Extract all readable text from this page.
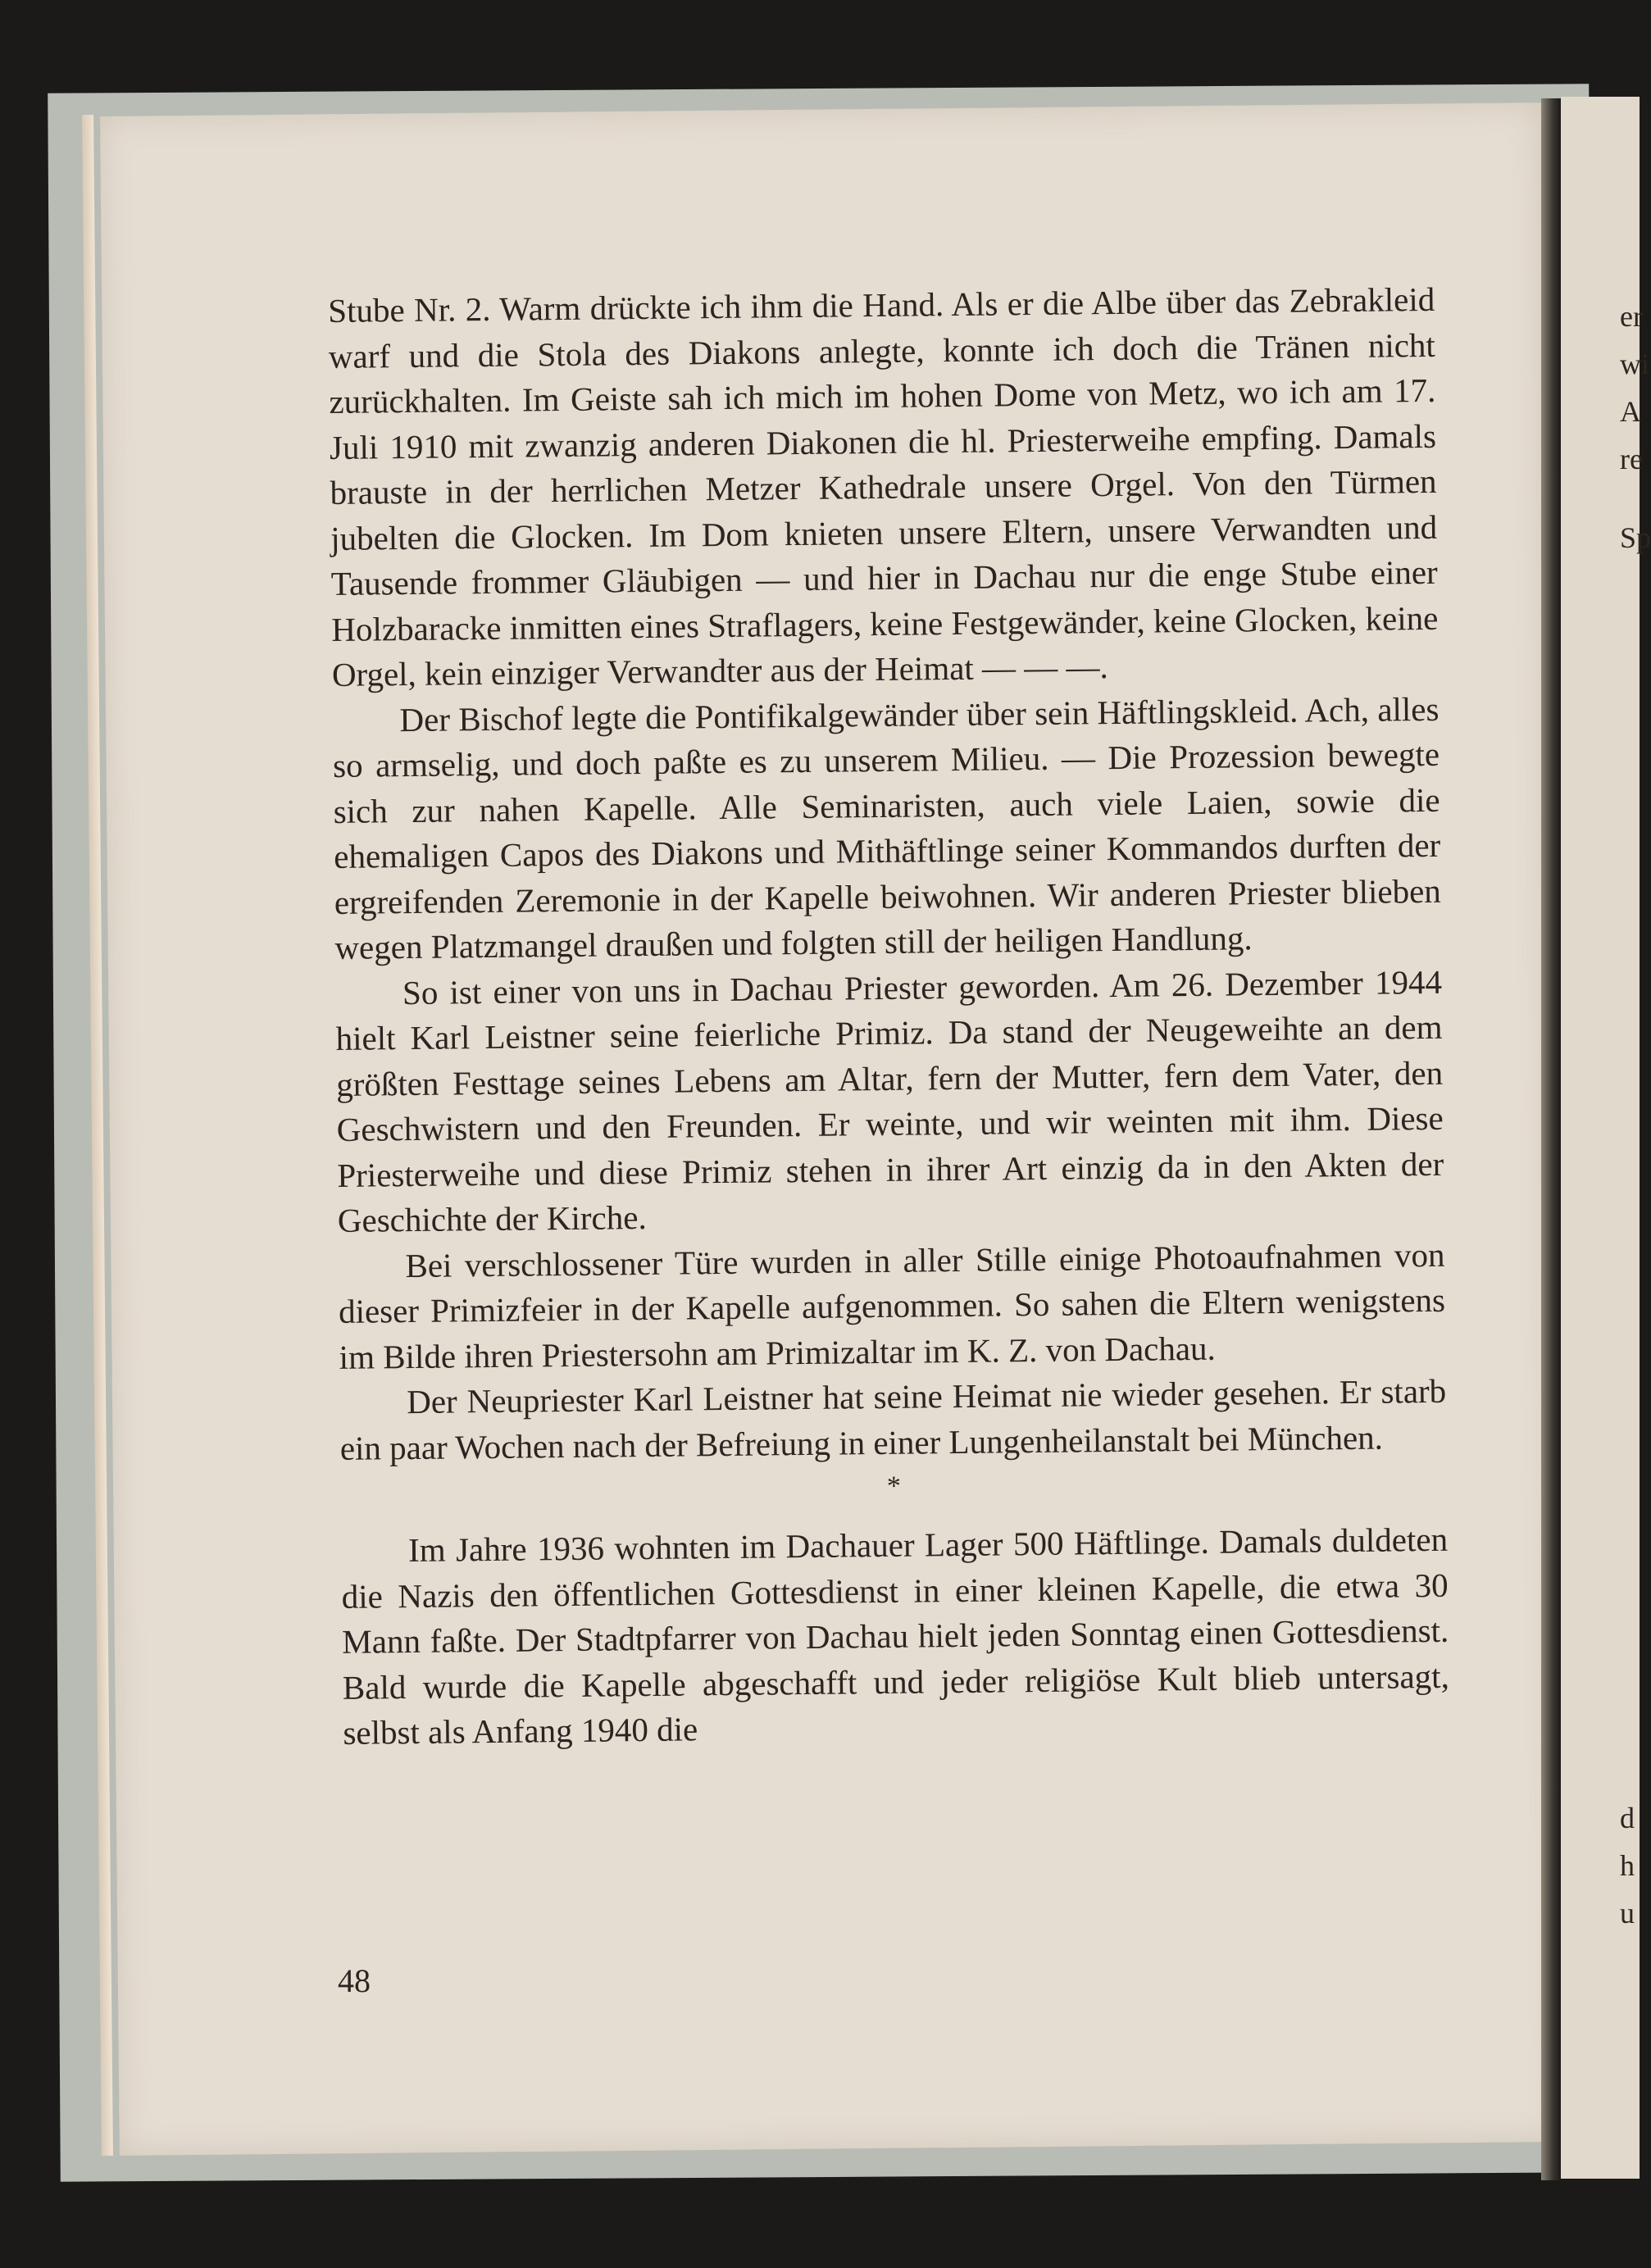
er
wi
A
re
Sp
d
h
u

Stube Nr. 2. Warm drückte ich ihm die Hand. Als er die Albe über das Zebrakleid warf und die Stola des Diakons anlegte, konnte ich doch die Tränen nicht zurückhalten. Im Geiste sah ich mich im hohen Dome von Metz, wo ich am 17. Juli 1910 mit zwanzig anderen Diakonen die hl. Priesterweihe empfing. Damals brauste in der herrlichen Metzer Kathedrale unsere Orgel. Von den Türmen jubelten die Glocken. Im Dom knieten unsere Eltern, unsere Verwandten und Tausende frommer Gläubigen — und hier in Dachau nur die enge Stube einer Holzbaracke inmitten eines Straflagers, keine Festgewänder, keine Glocken, keine Orgel, kein einziger Verwandter aus der Heimat — — —.

Der Bischof legte die Pontifikalgewänder über sein Häftlingskleid. Ach, alles so armselig, und doch paßte es zu unserem Milieu. — Die Prozession bewegte sich zur nahen Kapelle. Alle Seminaristen, auch viele Laien, sowie die ehemaligen Capos des Diakons und Mithäftlinge seiner Kommandos durften der ergreifenden Zeremonie in der Kapelle beiwohnen. Wir anderen Priester blieben wegen Platzmangel draußen und folgten still der heiligen Handlung.

So ist einer von uns in Dachau Priester geworden. Am 26. Dezember 1944 hielt Karl Leistner seine feierliche Primiz. Da stand der Neugeweihte an dem größten Festtage seines Lebens am Altar, fern der Mutter, fern dem Vater, den Geschwistern und den Freunden. Er weinte, und wir weinten mit ihm. Diese Priesterweihe und diese Primiz stehen in ihrer Art einzig da in den Akten der Geschichte der Kirche.

Bei verschlossener Türe wurden in aller Stille einige Photoaufnahmen von dieser Primizfeier in der Kapelle aufgenommen. So sahen die Eltern wenigstens im Bilde ihren Priestersohn am Primizaltar im K. Z. von Dachau.

Der Neupriester Karl Leistner hat seine Heimat nie wieder gesehen. Er starb ein paar Wochen nach der Befreiung in einer Lungenheilanstalt bei München.

*

Im Jahre 1936 wohnten im Dachauer Lager 500 Häftlinge. Damals duldeten die Nazis den öffentlichen Gottesdienst in einer kleinen Kapelle, die etwa 30 Mann faßte. Der Stadtpfarrer von Dachau hielt jeden Sonntag einen Gottesdienst. Bald wurde die Kapelle abgeschafft und jeder religiöse Kult blieb untersagt, selbst als Anfang 1940 die

48
